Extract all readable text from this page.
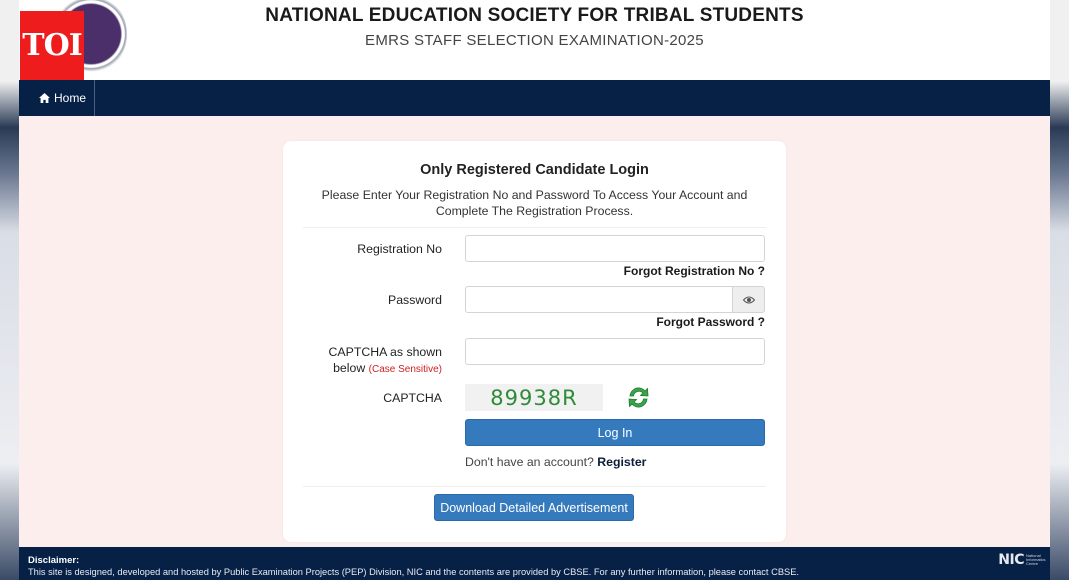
TOI
NATIONAL EDUCATION SOCIETY FOR TRIBAL STUDENTS
EMRS STAFF SELECTION EXAMINATION-2025
Home
Only Registered Candidate Login
Please Enter Your Registration No and Password To Access Your Account and Complete The Registration Process.
Registration No
Forgot Registration No ?
Password
Forgot Password ?
CAPTCHA as shown
below (Case Sensitive)
CAPTCHA	89938R
Log In
Don't have an account? Register
Download Detailed Advertisement
Disclaimer:
This site is designed, developed and hosted by Public Examination Projects (PEP) Division, NIC and the contents are provided by CBSE. For any further information, please contact CBSE.
NIC National Informatics Centre
